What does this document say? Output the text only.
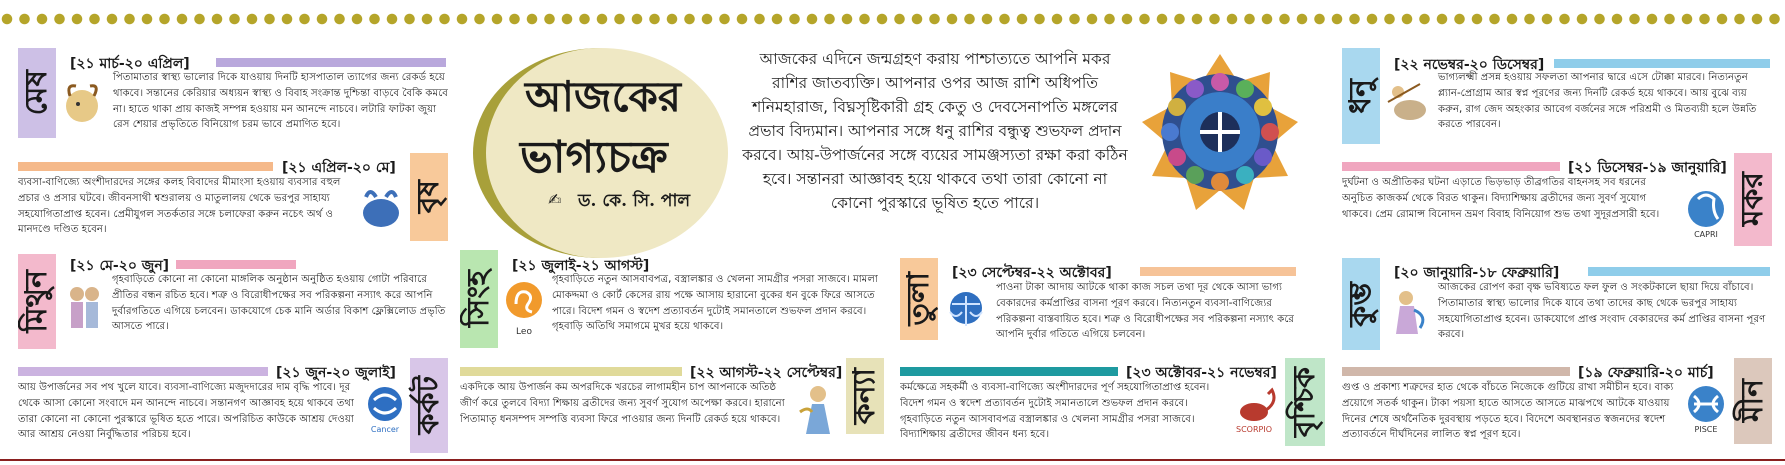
মেষ
[২১ মার্চ-২০ এপ্রিল]
পিতামাতার স্বাস্থ্য ভালোর দিকে যাওয়ায় দিনটি হাসপাতাল ত্যাগের জন্য রেকর্ড হয়ে থাকবে। সন্তানের কেরিয়ার অধ্যয়ন স্বাস্থ্য ও বিবাহ সংক্রান্ত দুশ্চিন্তা বাড়বে বৈকি কমবে না। হাতে থাকা প্রায় কাজই সম্পন্ন হওয়ায় মন আনন্দে নাচবে। লটারি ফাটকা জুয়া রেস শেয়ার প্রভৃতিতে বিনিয়োগ চরম ভাবে প্রমাণিত হবে।
বৃষ
[২১ এপ্রিল-২০ মে]
ব্যবসা-বাণিজ্যে অংশীদারদের সঙ্গের কলহ বিবাদের মীমাংসা হওয়ায় ব্যবসার বহুল প্রচার ও প্রসার ঘটবে। জীবনসাথী শ্বশুরালয় ও মাতুলালয় থেকে ভরপুর সাহায্য সহযোগিতাপ্রাপ্ত হবেন। প্রেমীযুগল সতর্কতার সঙ্গে চলাফেরা করুন নচেৎ অর্থ ও মানদণ্ডে দণ্ডিত হবেন।
মিথুন
[২১ মে-২০ জুন]
গৃহবাড়িতে কোনো না কোনো মাঙ্গলিক অনুষ্ঠান অনুষ্ঠিত হওয়ায় গোটা পরিবারে প্রীতির বন্ধন রচিত হবে। শত্রু ও বিরোধীপক্ষের সব পরিকল্পনা নস্যাৎ করে আপনি দুর্বারগতিতে এগিয়ে চলবেন। ডাকযোগে চেক মানি অর্ডার বিকাশ ফ্লেক্সিলোড প্রভৃতি আসতে পারে।
কর্কট
[২১ জুন-২০ জুলাই]
Cancer
আয় উপার্জনের সব পথ খুলে যাবে। ব্যবসা-বাণিজ্যে মজুদদারের দাম বৃদ্ধি পাবে। দূর থেকে আসা কোনো সংবাদে মন আনন্দে নাচবে। সন্তানগণ আজ্ঞাবহ হয়ে থাকবে তথা তারা কোনো না কোনো পুরস্কারে ভূষিত হতে পারে। অপরিচিত কাউকে আশ্রয় দেওয়া আর আশ্রয় নেওয়া নির্বুদ্ধিতার পরিচয় হবে।
আজকের
ভাগ্যচক্র
✍ ড. কে. সি. পাল
আজকের এদিনে জন্মগ্রহণ করায় পাশ্চাত্যতে আপনি মকর রাশির জাতব্যক্তি। আপনার ওপর আজ রাশি অধিপতি শনিমহারাজ, বিঘ্নসৃষ্টিকারী গ্রহ কেতু ও দেবসেনাপতি মঙ্গলের প্রভাব বিদ্যমান। আপনার সঙ্গে ধনু রাশির বন্ধুত্ব শুভফল প্রদান করবে। আয়-উপার্জনের সঙ্গে ব্যয়ের সামঞ্জস্যতা রক্ষা করা কঠিন হবে। সন্তানরা আজ্ঞাবহ হয়ে থাকবে তথা তারা কোনো না কোনো পুরস্কারে ভূষিত হতে পারে।
সিংহ
[২১ জুলাই-২১ আগস্ট]
Leo
গৃহবাড়িতে নতুন আসবাবপত্র, বস্ত্রালঙ্কার ও খেলনা সামগ্রীর পসরা সাজবে। মামলা মোকদ্দমা ও কোর্ট কেসের রায় পক্ষে আসায় হারানো বুকের ধন বুকে ফিরে আসতে পারে। বিদেশ গমন ও স্বদেশ প্রত্যাবর্তন দুটোই সমানতালে শুভফল প্রদান করবে। গৃহবাড়ি অতিথি সমাগমে মুখর হয়ে থাকবে।
কন্যা
[২২ আগস্ট-২২ সেপ্টেম্বর]
একদিকে আয় উপার্জন কম অপরদিকে খরচের লাগামহীন চাপ আপনাকে অতিষ্ঠ জীর্ণ করে তুলবে বিদ্যা শিক্ষায় ব্রতীদের জন্য সুবর্ণ সুযোগ অপেক্ষা করবে। হারানো পিতামাতৃ ধনসম্পদ সম্পত্তি ব্যবসা ফিরে পাওয়ার জন্য দিনটি রেকর্ড হয়ে থাকবে।
তুলা [২৩ সেপ্টেম্বর-২২ অক্টোবর]
পাওনা টাকা আদায় আটকে থাকা কাজ সচল তথা দূর থেকে আসা ভাগ্য বেকারদের কর্মপ্রাপ্তির বাসনা পূরণ করবে। নিত্যনতুন ব্যবসা-বাণিজ্যের পরিকল্পনা বাস্তবায়িত হবে। শত্রু ও বিরোধীপক্ষের সব পরিকল্পনা নস্যাৎ করে আপনি দুর্বার গতিতে এগিয়ে চলবেন।
[২৩ অক্টোবর-২১ নভেম্বর]
SCORPIO
কর্মক্ষেত্রে সহকর্মী ও ব্যবসা-বাণিজ্যে অংশীদারদের পূর্ণ সহযোগিতাপ্রাপ্ত হবেন। বিদেশ গমন ও স্বদেশ প্রত্যাবর্তন দুটোই সমানতালে শুভফল প্রদান করবে। গৃহবাড়িতে নতুন আসবাবপত্র বস্ত্রালঙ্কার ও খেলনা সামগ্রীর পসরা সাজবে। বিদ্যাশিক্ষায় ব্রতীদের জীবন ধন্য হবে।	বৃশ্চিক
ধনু
[২২ নভেম্বর-২০ ডিসেম্বর]
ভাগ্যলক্ষ্মী প্রসন্ন হওয়ায় সফলতা আপনার দ্বারে এসে টোক্কা মারবে। নিত্যনতুন প্ল্যান-প্রোগ্রাম আর স্বপ্ন পূরণের জন্য দিনটি রেকর্ড হয়ে থাকবে। আয় বুঝে ব্যয় করুন, রাগ জেদ অহংকার আবেগ বর্জনের সঙ্গে পরিশ্রমী ও মিতব্যয়ী হলে উন্নতি করতে পারবেন।
মকর
[২১ ডিসেম্বর-১৯ জানুয়ারি]
CAPRI
দুর্ঘটনা ও অপ্রীতিকর ঘটনা এড়াতে ভিড়ভাড় তীব্রগতির বাহনসহ সব ধরনের অনুচিত কাজকর্ম থেকে বিরত থাকুন। বিদ্যাশিক্ষায় ব্রতীদের জন্য সুবর্ণ সুযোগ থাকবে। প্রেম রোমান্স বিনোদন ভ্রমণ বিবাহ বিনিয়োগ শুভ তথা সুদূরপ্রসারী হবে।
কুম্ভ
[২০ জানুয়ারি-১৮ ফেব্রুয়ারি]
আজকের রোপণ করা বৃক্ষ ভবিষ্যতে ফল ফুল ও সংকটকালে ছায়া দিয়ে বাঁচাবে। পিতামাতার স্বাস্থ্য ভালোর দিকে যাবে তথা তাদের কাছ থেকে ভরপুর সাহায্য সহযোগিতাপ্রাপ্ত হবেন। ডাকযোগে প্রাপ্ত সংবাদ বেকারদের কর্ম প্রাপ্তির বাসনা পূরণ করবে।
মীন
[১৯ ফেব্রুয়ারি-২০ মার্চ]
PISCE
গুপ্ত ও প্রকাশ্য শত্রুদের হাত থেকে বাঁচতে নিজেকে গুটিয়ে রাখা সমীচীন হবে। বাক্য প্রয়োগে সতর্ক থাকুন। টাকা পয়সা হাতে আসতে আসতে মাঝপথে আটকে যাওয়ায় দিনের শেষে অর্থনৈতিক দুরবস্থায় পড়তে হবে। বিদেশে অবস্থানরত স্বজনদের স্বদেশ প্রত্যাবর্তনে দীর্ঘদিনের লালিত স্বপ্ন পূরণ হবে।
